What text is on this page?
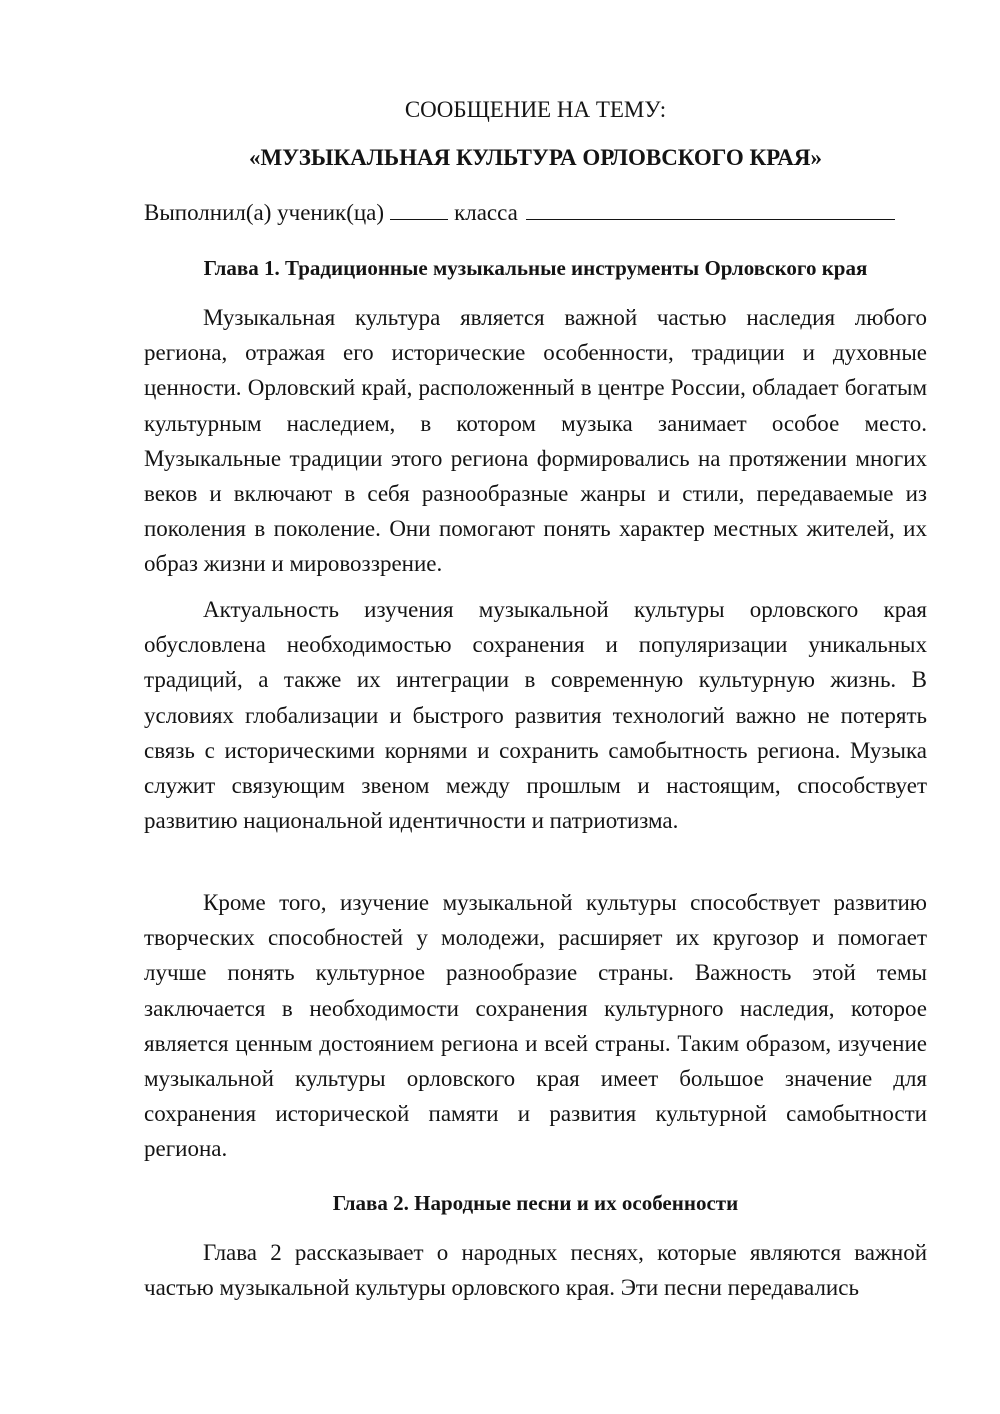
СООБЩЕНИЕ НА ТЕМУ:
«МУЗЫКАЛЬНАЯ КУЛЬТУРА ОРЛОВСКОГО КРАЯ»
Выполнил(а) ученик(ца)	класса
Глава 1. Традиционные музыкальные инструменты Орловского края

Музыкальная культура является важной частью наследия любого региона, отражая его исторические особенности, традиции и духовные ценности. Орловский край, расположенный в центре России, обладает богатым культурным наследием, в котором музыка занимает особое место. Музыкальные традиции этого региона формировались на протяжении многих веков и включают в себя разнообразные жанры и стили, передаваемые из поколения в поколение. Они помогают понять характер местных жителей, их образ жизни и мировоззрение.

Актуальность изучения музыкальной культуры орловского края обусловлена необходимостью сохранения и популяризации уникальных традиций, а также их интеграции в современную культурную жизнь. В условиях глобализации и быстрого развития технологий важно не потерять связь с историческими корнями и сохранить самобытность региона. Музыка служит связующим звеном между прошлым и настоящим, способствует развитию национальной идентичности и патриотизма.

Кроме того, изучение музыкальной культуры способствует развитию творческих способностей у молодежи, расширяет их кругозор и помогает лучше понять культурное разнообразие страны. Важность этой темы заключается в необходимости сохранения культурного наследия, которое является ценным достоянием региона и всей страны. Таким образом, изучение музыкальной культуры орловского края имеет большое значение для сохранения исторической памяти и развития культурной самобытности региона.

Глава 2. Народные песни и их особенности

Глава 2 рассказывает о народных песнях, которые являются важной частью музыкальной культуры орловского края. Эти песни передавались
